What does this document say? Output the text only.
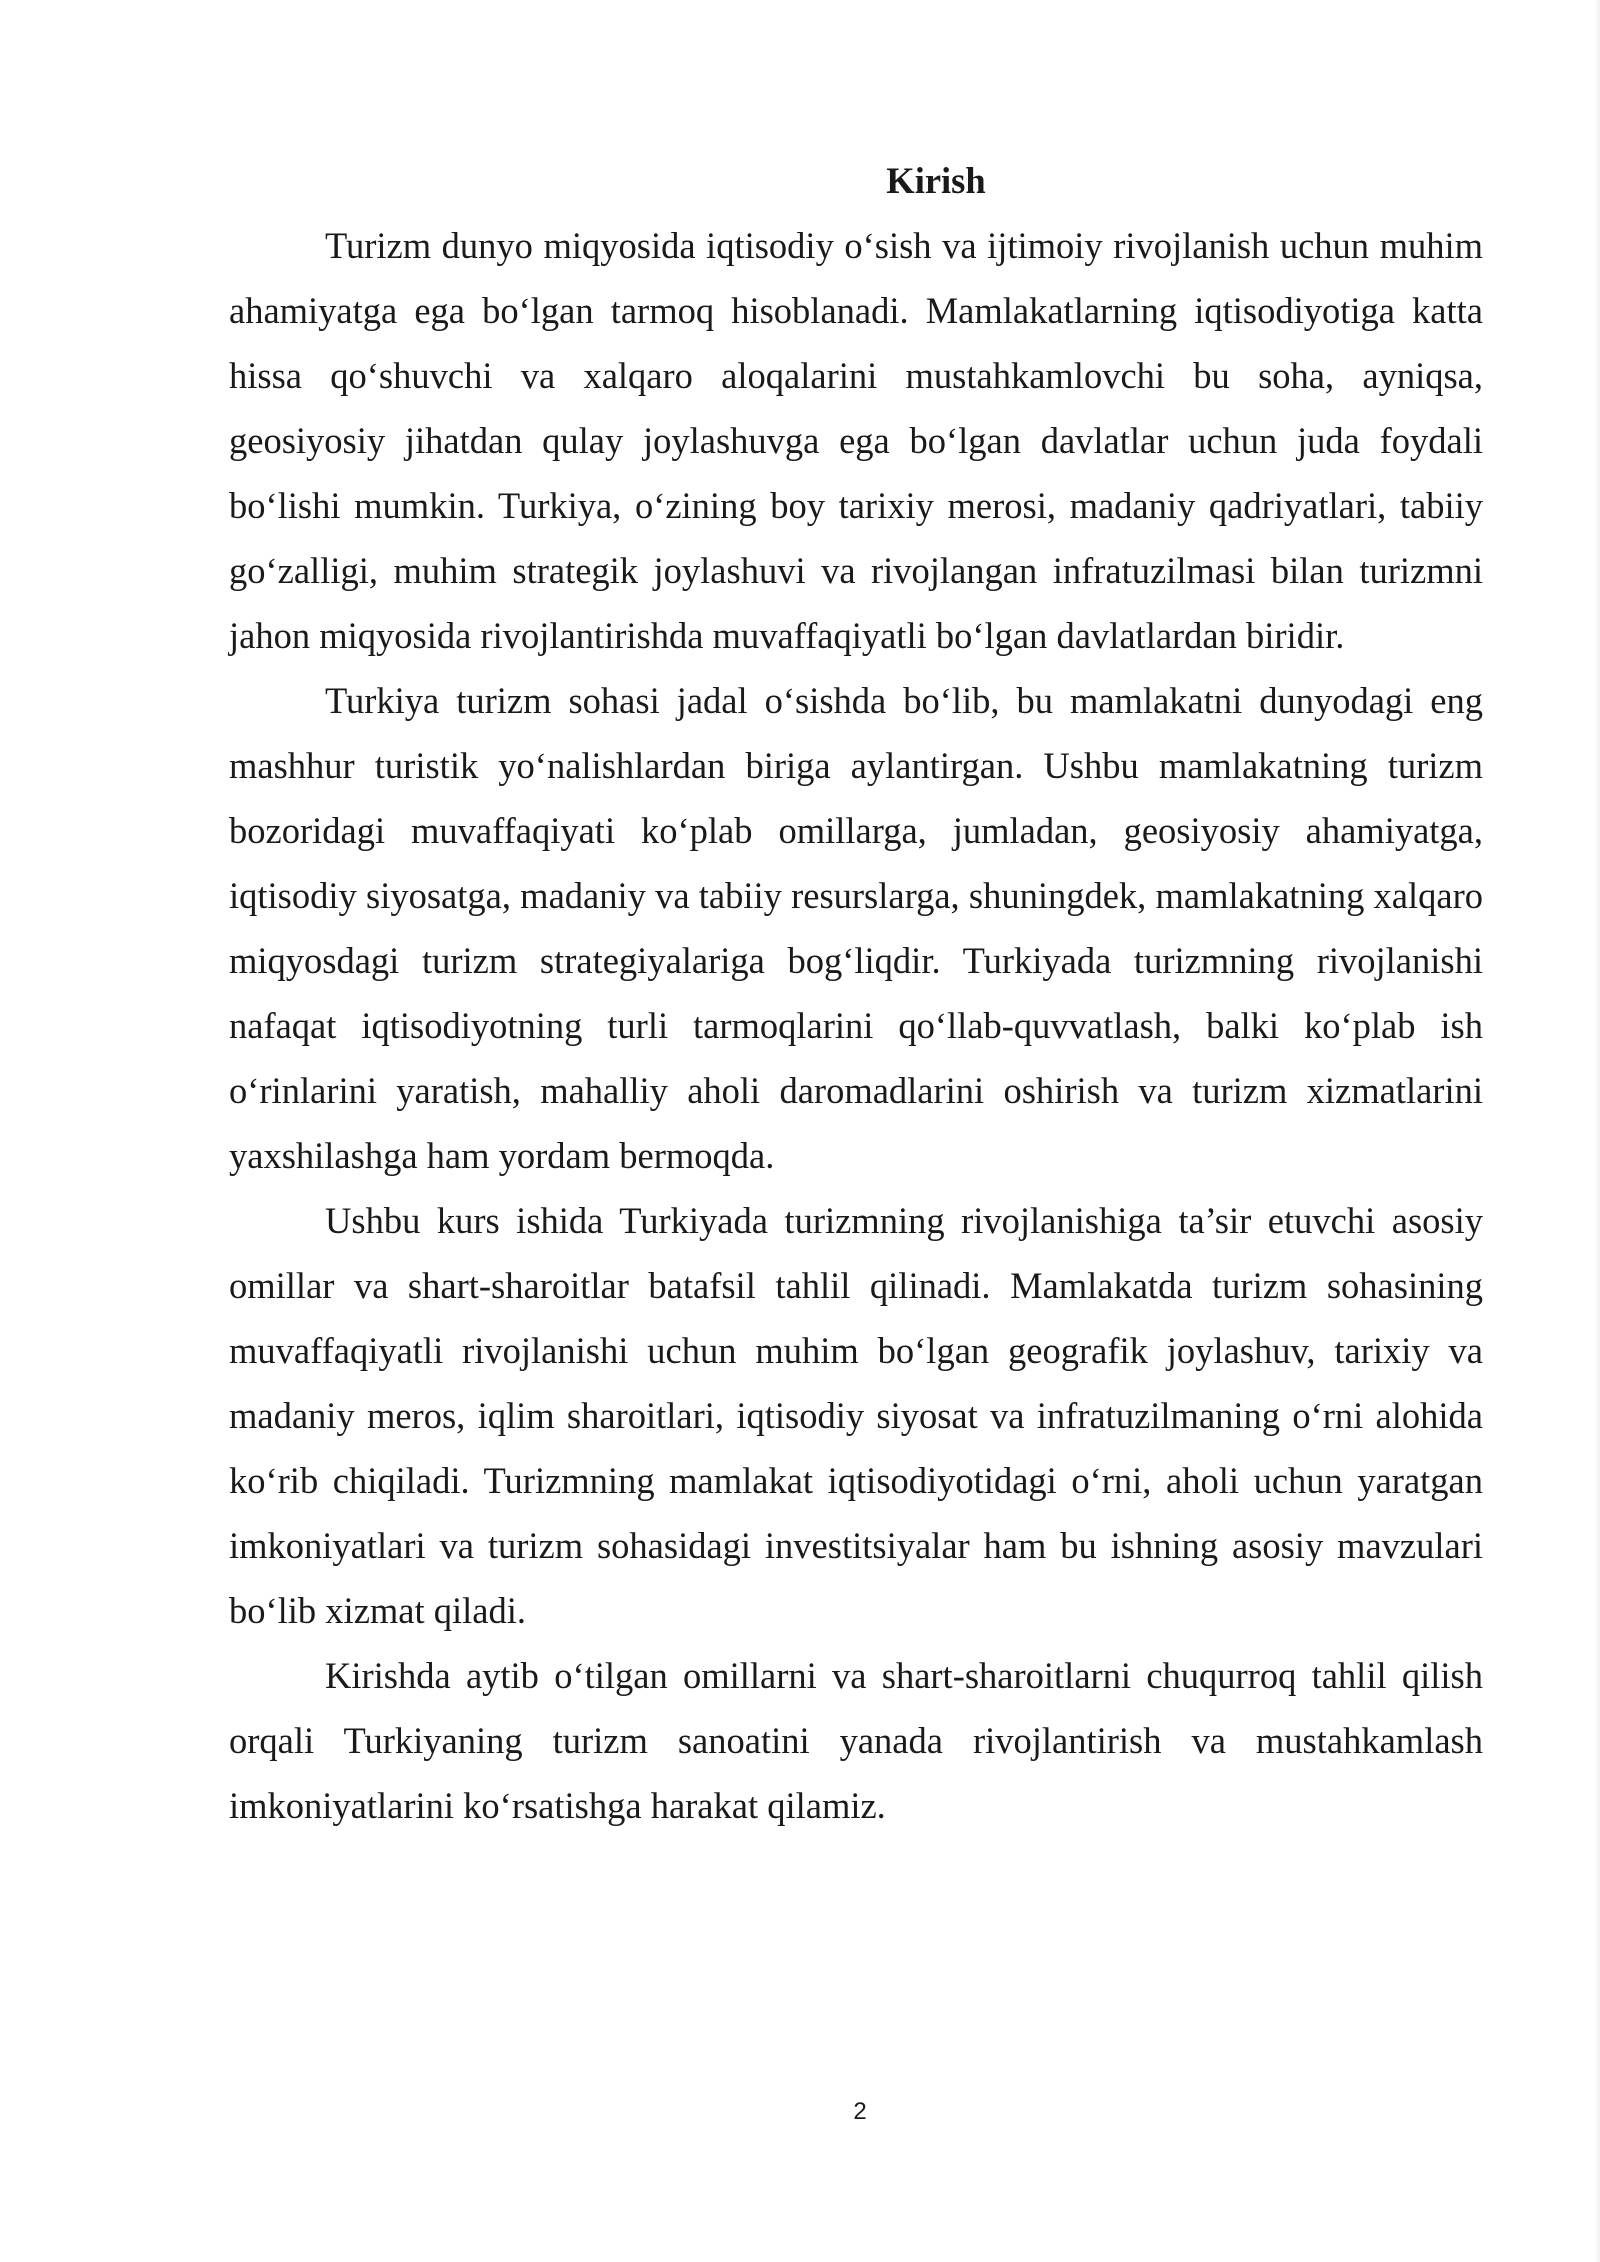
Kirish

Turizm dunyo miqyosida iqtisodiy o‘sish va ijtimoiy rivojlanish uchun muhim ahamiyatga ega bo‘lgan tarmoq hisoblanadi. Mamlakatlarning iqtisodiyotiga katta hissa qo‘shuvchi va xalqaro aloqalarini mustahkamlovchi bu soha, ayniqsa, geosiyosiy jihatdan qulay joylashuvga ega bo‘lgan davlatlar uchun juda foydali bo‘lishi mumkin. Turkiya, o‘zining boy tarixiy merosi, madaniy qadriyatlari, tabiiy go‘zalligi, muhim strategik joylashuvi va rivojlangan infratuzilmasi bilan turizmni jahon miqyosida rivojlantirishda muvaffaqiyatli bo‘lgan davlatlardan biridir.

Turkiya turizm sohasi jadal o‘sishda bo‘lib, bu mamlakatni dunyodagi eng mashhur turistik yo‘nalishlardan biriga aylantirgan. Ushbu mamlakatning turizm bozoridagi muvaffaqiyati ko‘plab omillarga, jumladan, geosiyosiy ahamiyatga, iqtisodiy siyosatga, madaniy va tabiiy resurslarga, shuningdek, mamlakatning xalqaro miqyosdagi turizm strategiyalariga bog‘liqdir. Turkiyada turizmning rivojlanishi nafaqat iqtisodiyotning turli tarmoqlarini qo‘llab-quvvatlash, balki ko‘plab ish o‘rinlarini yaratish, mahalliy aholi daromadlarini oshirish va turizm xizmatlarini yaxshilashga ham yordam bermoqda.

Ushbu kurs ishida Turkiyada turizmning rivojlanishiga ta’sir etuvchi asosiy omillar va shart-sharoitlar batafsil tahlil qilinadi. Mamlakatda turizm sohasining muvaffaqiyatli rivojlanishi uchun muhim bo‘lgan geografik joylashuv, tarixiy va madaniy meros, iqlim sharoitlari, iqtisodiy siyosat va infratuzilmaning o‘rni alohida ko‘rib chiqiladi. Turizmning mamlakat iqtisodiyotidagi o‘rni, aholi uchun yaratgan imkoniyatlari va turizm sohasidagi investitsiyalar ham bu ishning asosiy mavzulari bo‘lib xizmat qiladi.

Kirishda aytib o‘tilgan omillarni va shart-sharoitlarni chuqurroq tahlil qilish orqali Turkiyaning turizm sanoatini yanada rivojlantirish va mustahkamlash imkoniyatlarini ko‘rsatishga harakat qilamiz.

2
